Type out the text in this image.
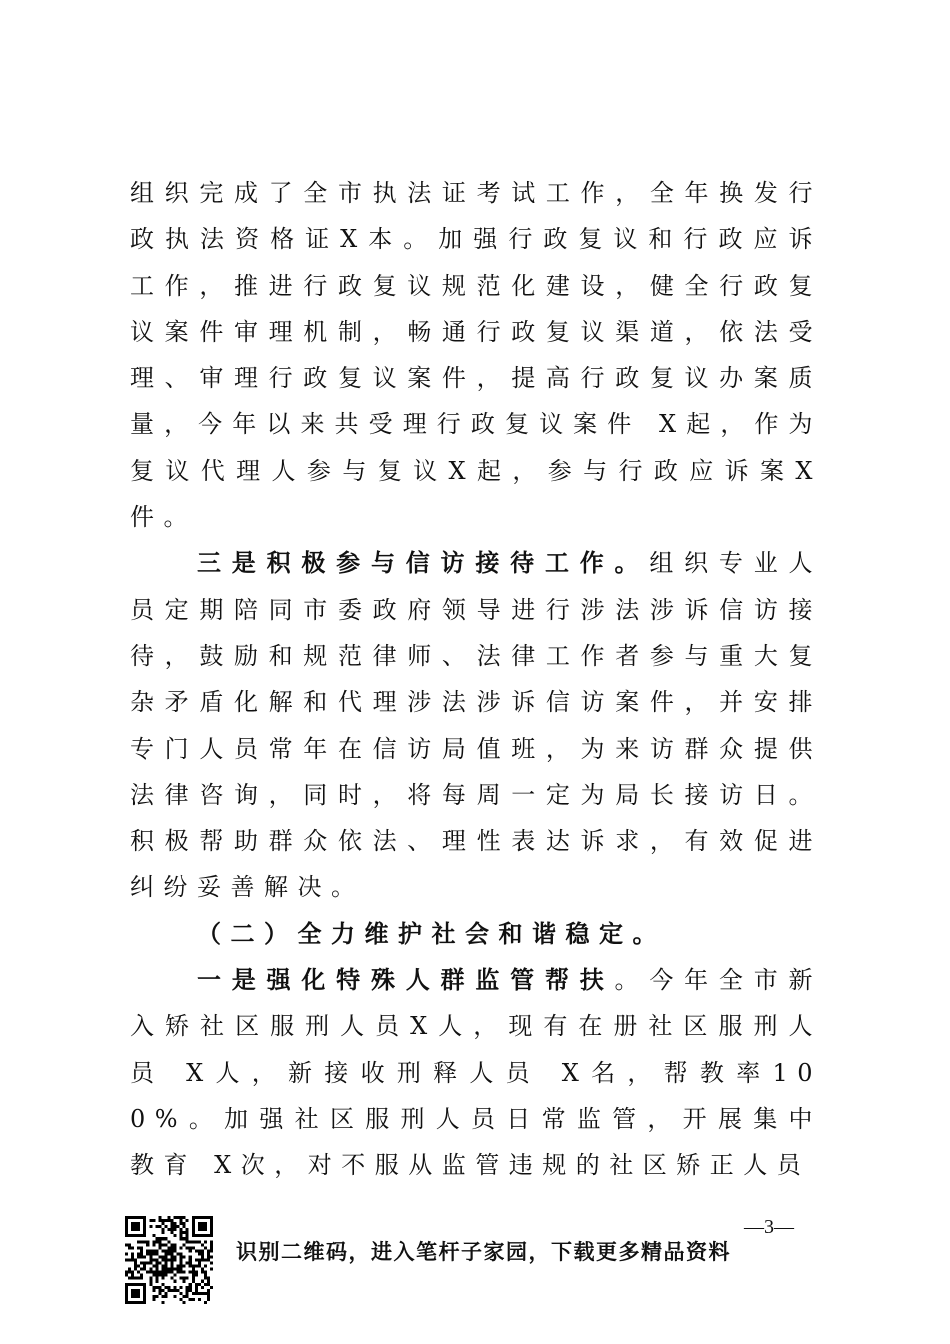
组织完成了全市执法证考试工作，全年换发行政执法资格证X本。加强行政复议和行政应诉工作，推进行政复议规范化建设，健全行政复议案件审理机制，畅通行政复议渠道，依法受理、审理行政复议案件，提高行政复议办案质量，今年以来共受理行政复议案件 X起，作为复议代理人参与复议X起，参与行政应诉案X件。

三是积极参与信访接待工作。组织专业人员定期陪同市委政府领导进行涉法涉诉信访接待，鼓励和规范律师、法律工作者参与重大复杂矛盾化解和代理涉法涉诉信访案件，并安排专门人员常年在信访局值班，为来访群众提供法律咨询，同时，将每周一定为局长接访日。积极帮助群众依法、理性表达诉求，有效促进纠纷妥善解决。

（二）全力维护社会和谐稳定。

一是强化特殊人群监管帮扶。今年全市新入矫社区服刑人员X人，现有在册社区服刑人员 X人，新接收刑释人员 X名，帮教率100%。加强社区服刑人员日常监管，开展集中教育 X次，对不服从监管违规的社区矫正人员

识别二维码，进入笔杆子家园，下载更多精品资料
—3—
